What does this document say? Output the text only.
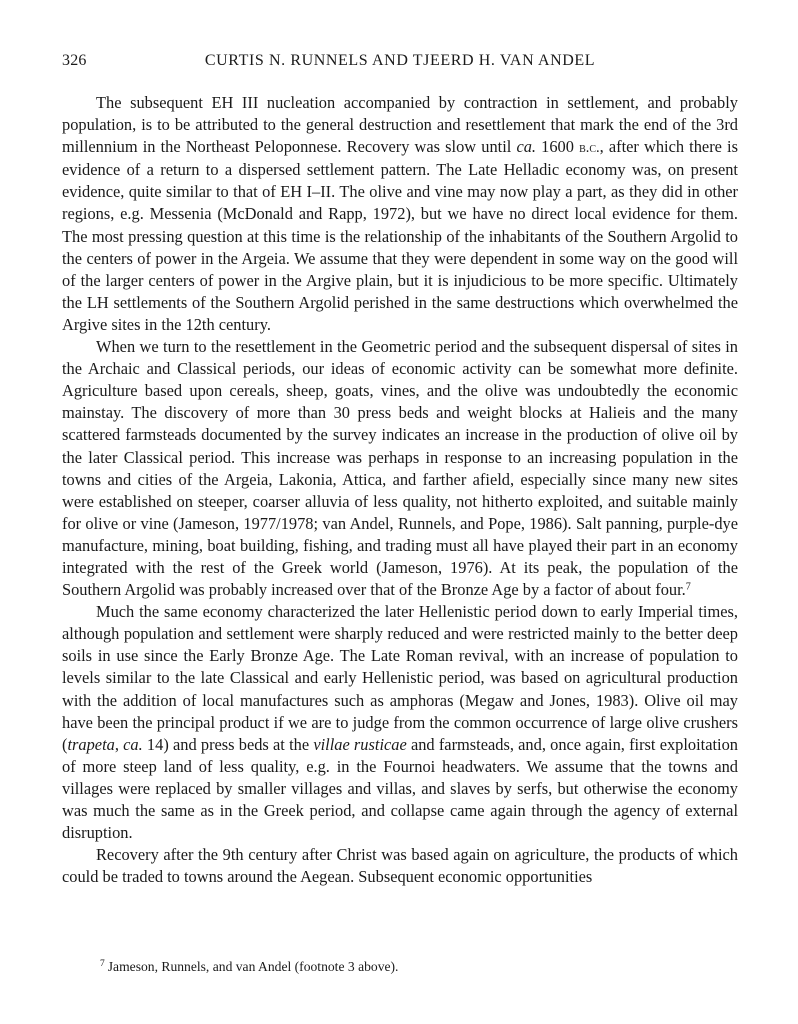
326	CURTIS N. RUNNELS AND TJEERD H. VAN ANDEL

The subsequent EH III nucleation accompanied by contraction in settlement, and probably population, is to be attributed to the general destruction and resettlement that mark the end of the 3rd millennium in the Northeast Peloponnese. Recovery was slow until ca. 1600 b.c., after which there is evidence of a return to a dispersed settlement pattern. The Late Helladic economy was, on present evidence, quite similar to that of EH I–II. The olive and vine may now play a part, as they did in other regions, e.g. Messenia (McDonald and Rapp, 1972), but we have no direct local evidence for them. The most pressing question at this time is the relationship of the inhabitants of the Southern Argolid to the centers of power in the Argeia. We assume that they were dependent in some way on the good will of the larger centers of power in the Argive plain, but it is injudicious to be more specific. Ultimately the LH settlements of the Southern Argolid perished in the same destructions which overwhelmed the Argive sites in the 12th century.

When we turn to the resettlement in the Geometric period and the subsequent dispersal of sites in the Archaic and Classical periods, our ideas of economic activity can be somewhat more definite. Agriculture based upon cereals, sheep, goats, vines, and the olive was undoubtedly the economic mainstay. The discovery of more than 30 press beds and weight blocks at Halieis and the many scattered farmsteads documented by the survey indicates an increase in the production of olive oil by the later Classical period. This increase was perhaps in response to an increasing population in the towns and cities of the Argeia, Lakonia, Attica, and farther afield, especially since many new sites were established on steeper, coarser alluvia of less quality, not hitherto exploited, and suitable mainly for olive or vine (Jameson, 1977/1978; van Andel, Runnels, and Pope, 1986). Salt panning, purple-dye manufacture, mining, boat building, fishing, and trading must all have played their part in an economy integrated with the rest of the Greek world (Jameson, 1976). At its peak, the population of the Southern Argolid was probably increased over that of the Bronze Age by a factor of about four.$^7$

Much the same economy characterized the later Hellenistic period down to early Imperial times, although population and settlement were sharply reduced and were restricted mainly to the better deep soils in use since the Early Bronze Age. The Late Roman revival, with an increase of population to levels similar to the late Classical and early Hellenistic period, was based on agricultural production with the addition of local manufactures such as amphoras (Megaw and Jones, 1983). Olive oil may have been the principal product if we are to judge from the common occurrence of large olive crushers (trapeta, ca. 14) and press beds at the villae rusticae and farmsteads, and, once again, first exploitation of more steep land of less quality, e.g. in the Fournoi headwaters. We assume that the towns and villages were replaced by smaller villages and villas, and slaves by serfs, but otherwise the economy was much the same as in the Greek period, and collapse came again through the agency of external disruption.

Recovery after the 9th century after Christ was based again on agriculture, the products of which could be traded to towns around the Aegean. Subsequent economic opportunities

$^7$ Jameson, Runnels, and van Andel (footnote 3 above).
